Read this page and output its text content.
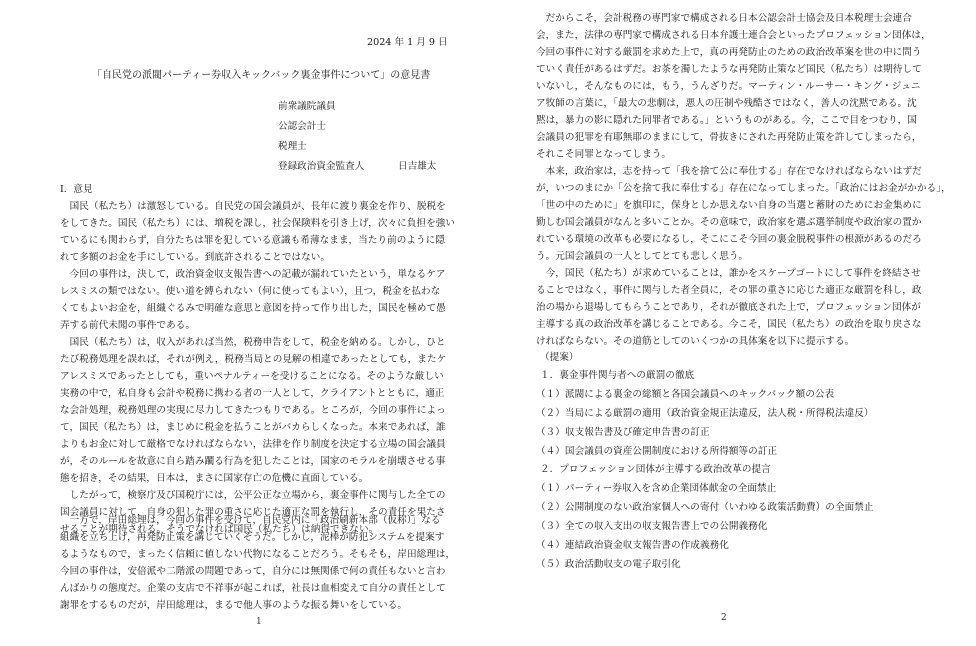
2024 年 1 月 9 日
「自民党の派閥パーティー券収入キックバック裏金事件について」の意見書
前衆議院議員
公認会計士
税理士
登録政治資金監査人	日吉雄太
Ⅰ．意見
　国民（私たち）は激怒している。自民党の国会議員が、長年に渡り裏金を作り、脱税を
をしてきた。国民（私たち）には、増税を課し，社会保険料を引き上げ，次々に負担を強い
ているにも関わらず，自分たちは罪を犯している意識も希薄なまま，当たり前のように隠
れて多額のお金を手にしている。到底許されることではない。
　今回の事件は，決して，政治資金収支報告書への記載が漏れていたという，単なるケア
レスミスの類ではない。使い道を縛られない（何に使ってもよい），且つ，税金を払わな
くてもよいお金を，組織ぐるみで明確な意思と意図を持って作り出した，国民を極めて愚
弄する前代未聞の事件である。
　国民（私たち）は，収入があれば当然，税務申告をして，税金を納める。しかし，ひと
たび税務処理を誤れば，それが例え，税務当局との見解の相違であったとしても，またケ
アレスミスであったとしても，重いペナルティーを受けることになる。そのような厳しい
実務の中で，私自身も会計や税務に携わる者の一人として，クライアントとともに，適正
な会計処理，税務処理の実現に尽力してきたつもりである。ところが，今回の事件によっ
て，国民（私たち）は，まじめに税金を払うことがバカらしくなった。本来であれば，誰
よりもお金に対して厳格でなければならない，法律を作り制度を決定する立場の国会議員
が，そのルールを故意に自ら踏み躙る行為を犯したことは，国家のモラルを崩壊させる事
態を招き，その結果，日本は，まさに国家存亡の危機に直面している。
　したがって，検察庁及び国税庁には，公平公正な立場から，裏金事件に関与した全ての
国会議員に対して，自身の犯した罪の重さに応じた適正な罰を執行し，その責任を果たさ
せることが期待される。そうでなければ国民（私たち）は納得できない。
　一方で，岸田総理は，今回の事件を受けて，自民党内に「政治刷新本部（仮称）」なる
組織を立ち上げ，再発防止策を講じていくそうだ。しかし，泥棒が防犯システムを提案す
るようなもので，まったく信頼に値しない代物になることだろう。そもそも，岸田総理は，
今回の事件は，安倍派や二階派の問題であって，自分には無関係で何の責任もないと言わ
んばかりの態度だ。企業の支店で不祥事が起これば，社長は血相変えて自分の責任として
謝罪をするものだが，岸田総理は，まるで他人事のような振る舞いをしている。
1
　だからこそ，会計税務の専門家で構成される日本公認会計士協会及日本税理士会連合
会，また，法律の専門家で構成される日本弁護士連合会といったプロフェッション団体は，
今回の事件に対する厳罰を求めた上で，真の再発防止のための政治改革案を世の中に問う
ていく責任があるはずだ。お茶を濁したような再発防止策など国民（私たち）は期待して
いないし，そんなものには，もう，うんざりだ。マーティン・ルーサー・キング・ジュニ
ア牧師の言葉に，「最大の悲劇は，悪人の圧制や残酷さではなく，善人の沈黙である。沈
黙は，暴力の影に隠れた同罪者である。」というものがある。今，ここで目をつむり，国
会議員の犯罪を有耶無耶のままにして，骨抜きにされた再発防止策を許してしまったら，
それこそ同罪となってしまう。
　本来，政治家は，志を持って「我を捨て公に奉仕する」存在でなければならないはずだ
が，いつのまにか「公を捨て我に奉仕する」存在になってしまった。「政治にはお金がかかる」，
「世の中のために」を旗印に，保身としか思えない自身の当選と蓄財のためにお金集めに
勤しむ国会議員がなんと多いことか。その意味で，政治家を選ぶ選挙制度や政治家の置か
れている環境の改革も必要になるし，そこにこそ今回の裏金脱税事件の根源があるのだろ
う。元国会議員の一人としてとても悲しく思う。
　今，国民（私たち）が求めていることは，誰かをスケープゴートにして事件を終結させ
ることではなく，事件に関与した者全員に，その罪の重さに応じた適正な厳罰を科し，政
治の場から退場してもらうことであり，それが徹底された上で，プロフェッション団体が
主導する真の政治改革を講じることである。今こそ，国民（私たち）の政治を取り戻さな
ければならない。その道筋としてのいくつかの具体案を以下に提示する。
（提案）
１．裏金事件関与者への厳罰の徹底
（１）派閥による裏金の総額と各国会議員へのキックバック額の公表
（２）当局による厳罰の適用（政治資金規正法違反，法人税・所得税法違反）
（３）収支報告書及び確定申告書の訂正
（４）国会議員の資産公開制度における所得額等の訂正
２．プロフェッション団体が主導する政治改革の提言
（１）パーティー券収入を含め企業団体献金の全面禁止
（２）公開制度のない政治家個人への寄付（いわゆる政策活動費）の全面禁止
（３）全ての収入支出の収支報告書上での公開義務化
（４）連結政治資金収支報告書の作成義務化
（５）政治活動収支の電子取引化
2
